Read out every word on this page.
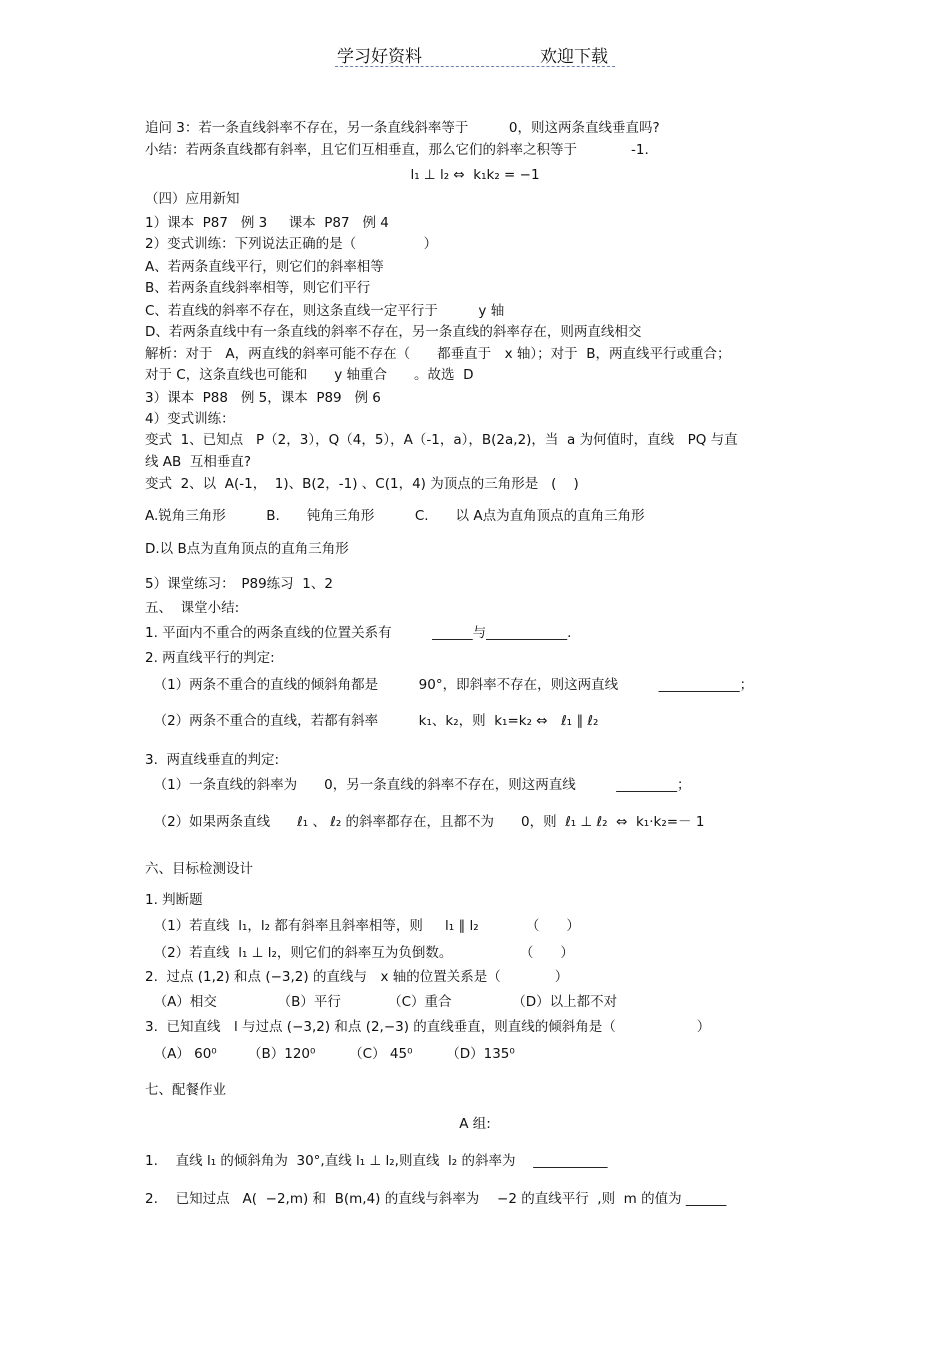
学习好资料	欢迎下载
追问 3：若一条直线斜率不存在，另一条直线斜率等于　　　0，则这两条直线垂直吗?
小结：若两条直线都有斜率，且它们互相垂直，那么它们的斜率之积等于　　　　-1.
l₁ ⊥ l₂ ⇔  k₁k₂ = −1
（四）应用新知
1）课本  P87   例 3     课本  P87   例 4
2）变式训练：下列说法正确的是（　　　　　）
A、若两条直线平行，则它们的斜率相等
B、若两条直线斜率相等，则它们平行
C、若直线的斜率不存在，则这条直线一定平行于　　　y 轴
D、若两条直线中有一条直线的斜率不存在，另一条直线的斜率存在，则两直线相交
解析：对于   A，两直线的斜率可能不存在（　　都垂直于　x 轴）；对于  B，两直线平行或重合；
对于 C，这条直线也可能和　　y 轴重合　　。故选  D
3）课本  P88   例 5，课本  P89   例 6
4）变式训练：
变式  1、已知点   P（2，3），Q（4，5），A（-1，a），B(2a,2)，当  a 为何值时，直线　PQ 与直
线 AB  互相垂直?
变式  2、以  A(-1，  1)、B(2，-1) 、C(1，4) 为顶点的三角形是   (    )
A.锐角三角形　　　B.　　钝角三角形　　　C.　　以 A点为直角顶点的直角三角形
D.以 B点为直角顶点的直角三角形
5）课堂练习：　P89练习  1、2
五、  课堂小结:
1. 平面内不重合的两条直线的位置关系有　　　______与____________.
2. 两直线平行的判定:
（1）两条不重合的直线的倾斜角都是　　　90°，即斜率不存在，则这两直线　　　____________；
（2）两条不重合的直线，若都有斜率　　　k₁、k₂，则  k₁=k₂ ⇔　ℓ₁ ∥ ℓ₂
3.  两直线垂直的判定:
（1）一条直线的斜率为　　0，另一条直线的斜率不存在，则这两直线　　　_________；
（2）如果两条直线　　ℓ₁ 、 ℓ₂ 的斜率都存在，且都不为　　0，则  ℓ₁ ⊥ ℓ₂  ⇔  k₁·k₂=－ 1
六、目标检测设计
1. 判断题
（1）若直线  l₁，l₂ 都有斜率且斜率相等，则　  l₁ ∥ l₂　　　　（　　）
（2）若直线  l₁ ⊥ l₂，则它们的斜率互为负倒数。　　　　　　（　　）
2.  过点 (1,2) 和点 (−3,2) 的直线与　x 轴的位置关系是（　　　　）
（A）相交　　　　　（B）平行　　　　（C）重合　　　　　（D）以上都不对
3.  已知直线　l 与过点 (−3,2) 和点 (2,−3) 的直线垂直，则直线的倾斜角是（　　　　　　）
（A） 60⁰　　 （B）120⁰　　　（C） 45⁰　　　（D）135⁰
七、配餐作业
A 组:
1.　 直线 l₁ 的倾斜角为  30°,直线 l₁ ⊥ l₂,则直线  l₂ 的斜率为　 ___________
2.　 已知过点   A(  −2,m) 和  B(m,4) 的直线与斜率为　 −2 的直线平行  ,则  m 的值为 ______
